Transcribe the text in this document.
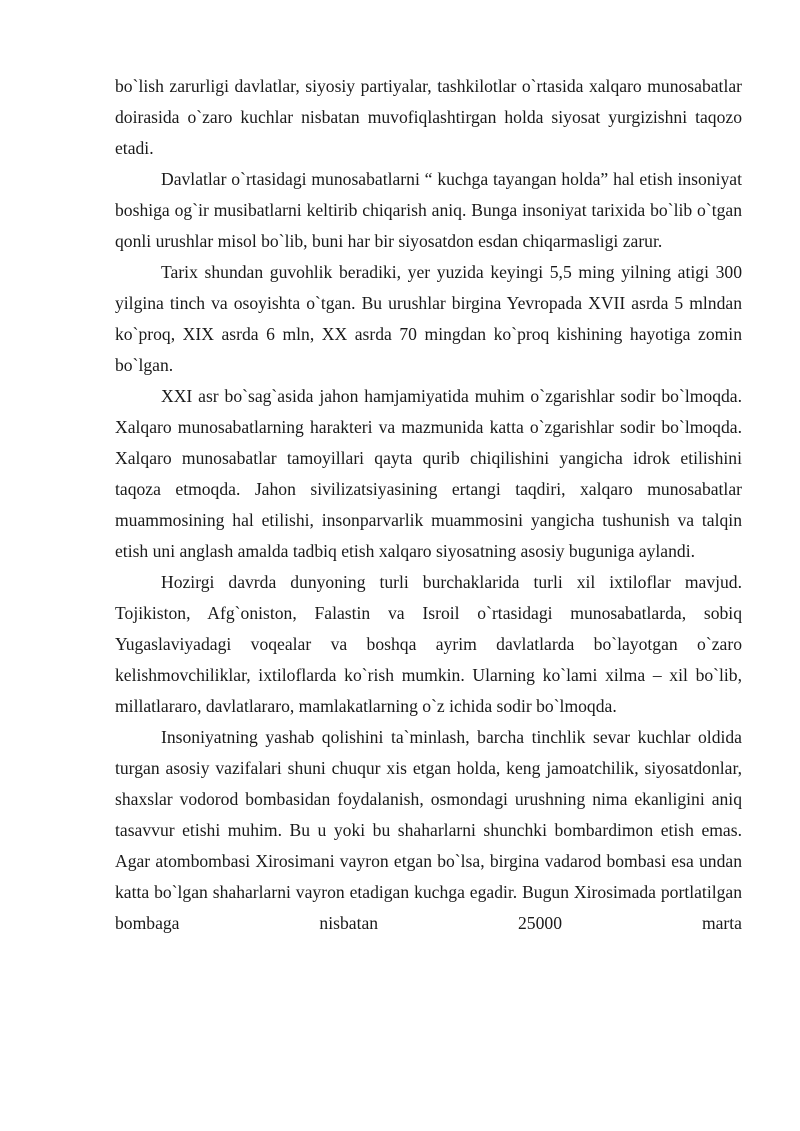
bo`lish zarurligi davlatlar, siyosiy partiyalar, tashkilotlar o`rtasida xalqaro munosabatlar doirasida o`zaro kuchlar nisbatan muvofiqlashtirgan holda siyosat yurgizishni taqozo etadi.

Davlatlar o`rtasidagi munosabatlarni “ kuchga tayangan holda” hal etish insoniyat boshiga og`ir musibatlarni keltirib chiqarish aniq. Bunga insoniyat tarixida bo`lib o`tgan qonli urushlar misol bo`lib, buni har bir siyosatdon esdan chiqarmasligi zarur.

Tarix shundan guvohlik beradiki, yer yuzida keyingi 5,5 ming yilning atigi 300 yilgina tinch va osoyishta o`tgan. Bu urushlar birgina Yevropada XVII asrda 5 mlndan ko`proq, XIX asrda 6 mln, XX asrda 70 mingdan ko`proq kishining hayotiga zomin bo`lgan.

XXI asr bo`sag`asida jahon hamjamiyatida muhim o`zgarishlar sodir bo`lmoqda. Xalqaro munosabatlarning harakteri va mazmunida katta o`zgarishlar sodir bo`lmoqda. Xalqaro munosabatlar tamoyillari qayta qurib chiqilishini yangicha idrok etilishini taqoza etmoqda. Jahon sivilizatsiyasining ertangi taqdiri, xalqaro munosabatlar muammosining hal etilishi, insonparvarlik muammosini yangicha tushunish va talqin etish uni anglash amalda tadbiq etish xalqaro siyosatning asosiy buguniga aylandi.

Hozirgi davrda dunyoning turli burchaklarida turli xil ixtiloflar mavjud. Tojikiston, Afg`oniston, Falastin va Isroil o`rtasidagi munosabatlarda, sobiq Yugaslaviyadagi voqealar va boshqa ayrim davlatlarda bo`layotgan o`zaro kelishmovchiliklar, ixtiloflarda ko`rish mumkin. Ularning ko`lami xilma – xil bo`lib, millatlararo, davlatlararo, mamlakatlarning o`z ichida sodir bo`lmoqda.

Insoniyatning yashab qolishini ta`minlash, barcha tinchlik sevar kuchlar oldida turgan asosiy vazifalari shuni chuqur xis etgan holda, keng jamoatchilik, siyosatdonlar, shaxslar vodorod bombasidan foydalanish, osmondagi urushning nima ekanligini aniq tasavvur etishi muhim. Bu u yoki bu shaharlarni shunchki bombardimon etish emas. Agar atombombasi Xirosimani vayron etgan bo`lsa, birgina vadarod bombasi esa undan katta bo`lgan shaharlarni vayron etadigan kuchga egadir. Bugun Xirosimada portlatilgan bombaga nisbatan 25000 marta
